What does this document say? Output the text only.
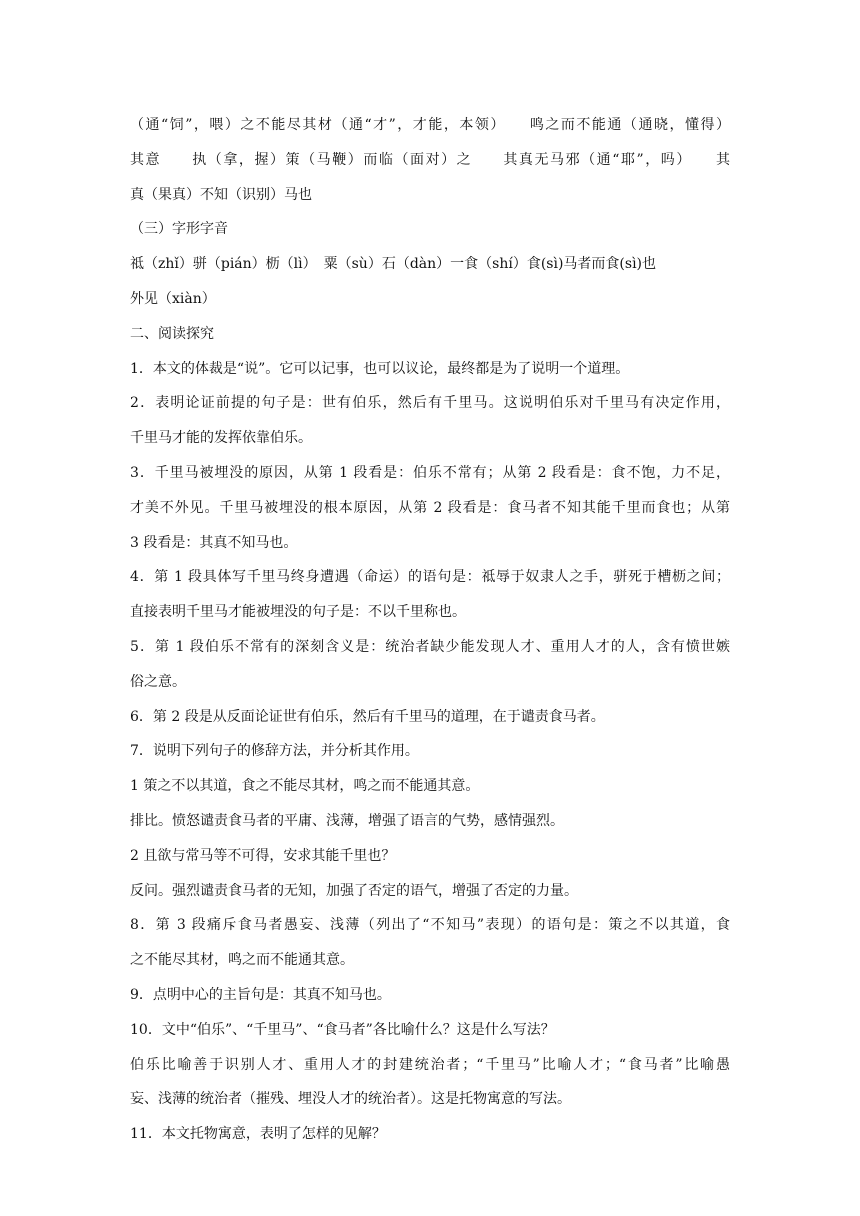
（通“饲”，喂）之不能尽其材（通“才”，才能，本领）　　鸣之而不能通（通晓，懂得）
其意　　执（拿，握）策（马鞭）而临（面对）之　　其真无马邪（通“耶”，吗）　　其
真（果真）不知（识别）马也
（三）字形字音
祗（zhǐ）骈（pián）枥（lì）　粟（sù）石（dàn）一食（shí）食(sì)马者而食(sì)也
外见（xiàn）
二、阅读探究
1．本文的体裁是“说”。它可以记事，也可以议论，最终都是为了说明一个道理。
2．表明论证前提的句子是：世有伯乐，然后有千里马。这说明伯乐对千里马有决定作用，
千里马才能的发挥依靠伯乐。
3．千里马被埋没的原因，从第 1 段看是：伯乐不常有；从第 2 段看是：食不饱，力不足，
才美不外见。千里马被埋没的根本原因，从第 2 段看是：食马者不知其能千里而食也；从第
3 段看是：其真不知马也。
4．第 1 段具体写千里马终身遭遇（命运）的语句是：祗辱于奴隶人之手，骈死于槽枥之间；
直接表明千里马才能被埋没的句子是：不以千里称也。
5．第 1 段伯乐不常有的深刻含义是：统治者缺少能发现人才、重用人才的人，含有愤世嫉
俗之意。
6．第 2 段是从反面论证世有伯乐，然后有千里马的道理，在于谴责食马者。
7．说明下列句子的修辞方法，并分析其作用。
1 策之不以其道，食之不能尽其材，鸣之而不能通其意。
排比。愤怒谴责食马者的平庸、浅薄，增强了语言的气势，感情强烈。
2 且欲与常马等不可得，安求其能千里也？
反问。强烈谴责食马者的无知，加强了否定的语气，增强了否定的力量。
8．第 3 段痛斥食马者愚妄、浅薄（列出了“不知马”表现）的语句是：策之不以其道，食
之不能尽其材，鸣之而不能通其意。
9．点明中心的主旨句是：其真不知马也。
10．文中“伯乐”、“千里马”、“食马者”各比喻什么？这是什么写法？
伯乐比喻善于识别人才、重用人才的封建统治者；“千里马”比喻人才；“食马者”比喻愚
妄、浅薄的统治者（摧残、埋没人才的统治者）。这是托物寓意的写法。
11．本文托物寓意，表明了怎样的见解？
